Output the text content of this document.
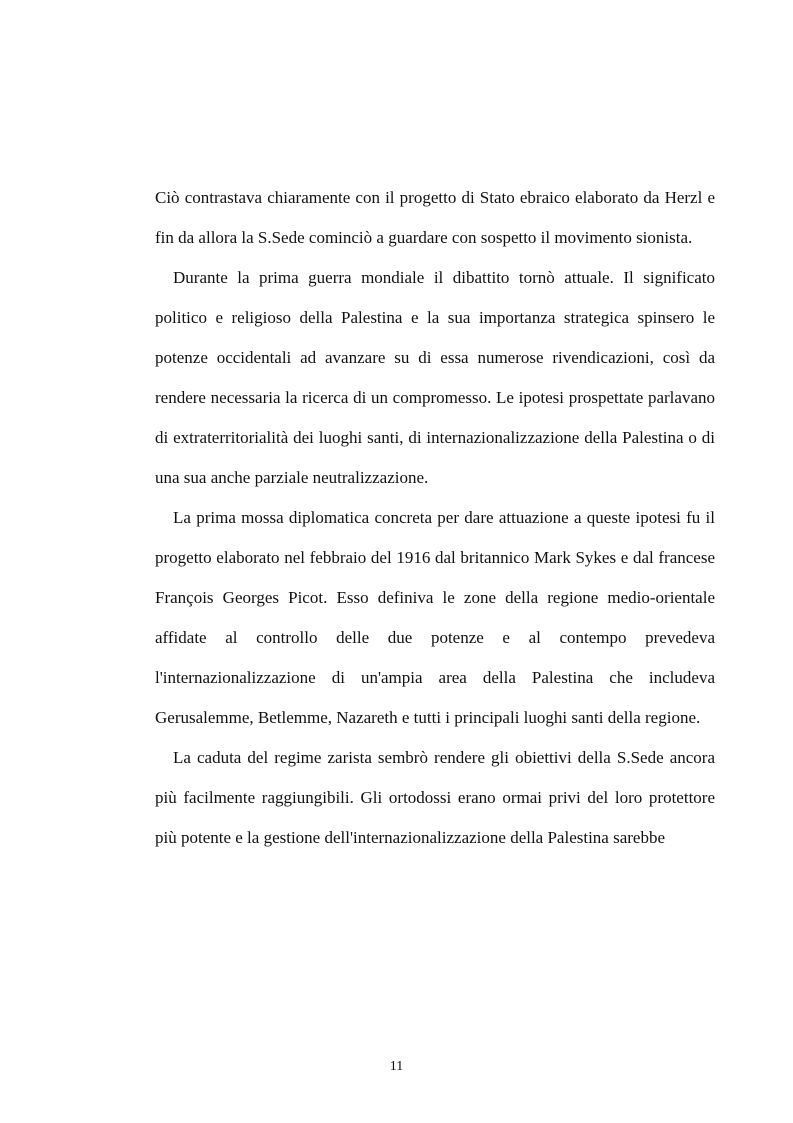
Ciò contrastava chiaramente con il progetto di Stato ebraico elaborato da Herzl e fin da allora la S.Sede cominciò a guardare con sospetto il movimento sionista.

Durante la prima guerra mondiale il dibattito tornò attuale. Il significato politico e religioso della Palestina e la sua importanza strategica spinsero le potenze occidentali ad avanzare su di essa numerose rivendicazioni, così da rendere necessaria la ricerca di un compromesso. Le ipotesi prospettate parlavano di extraterritorialità dei luoghi santi, di internazionalizzazione della Palestina o di una sua anche parziale neutralizzazione.

La prima mossa diplomatica concreta per dare attuazione a queste ipotesi fu il progetto elaborato nel febbraio del 1916 dal britannico Mark Sykes e dal francese François Georges Picot. Esso definiva le zone della regione medio-orientale affidate al controllo delle due potenze e al contempo prevedeva l'internazionalizzazione di un'ampia area della Palestina che includeva Gerusalemme, Betlemme, Nazareth e tutti i principali luoghi santi della regione.

La caduta del regime zarista sembrò rendere gli obiettivi della S.Sede ancora più facilmente raggiungibili. Gli ortodossi erano ormai privi del loro protettore più potente e la gestione dell'internazionalizzazione della Palestina sarebbe

11
